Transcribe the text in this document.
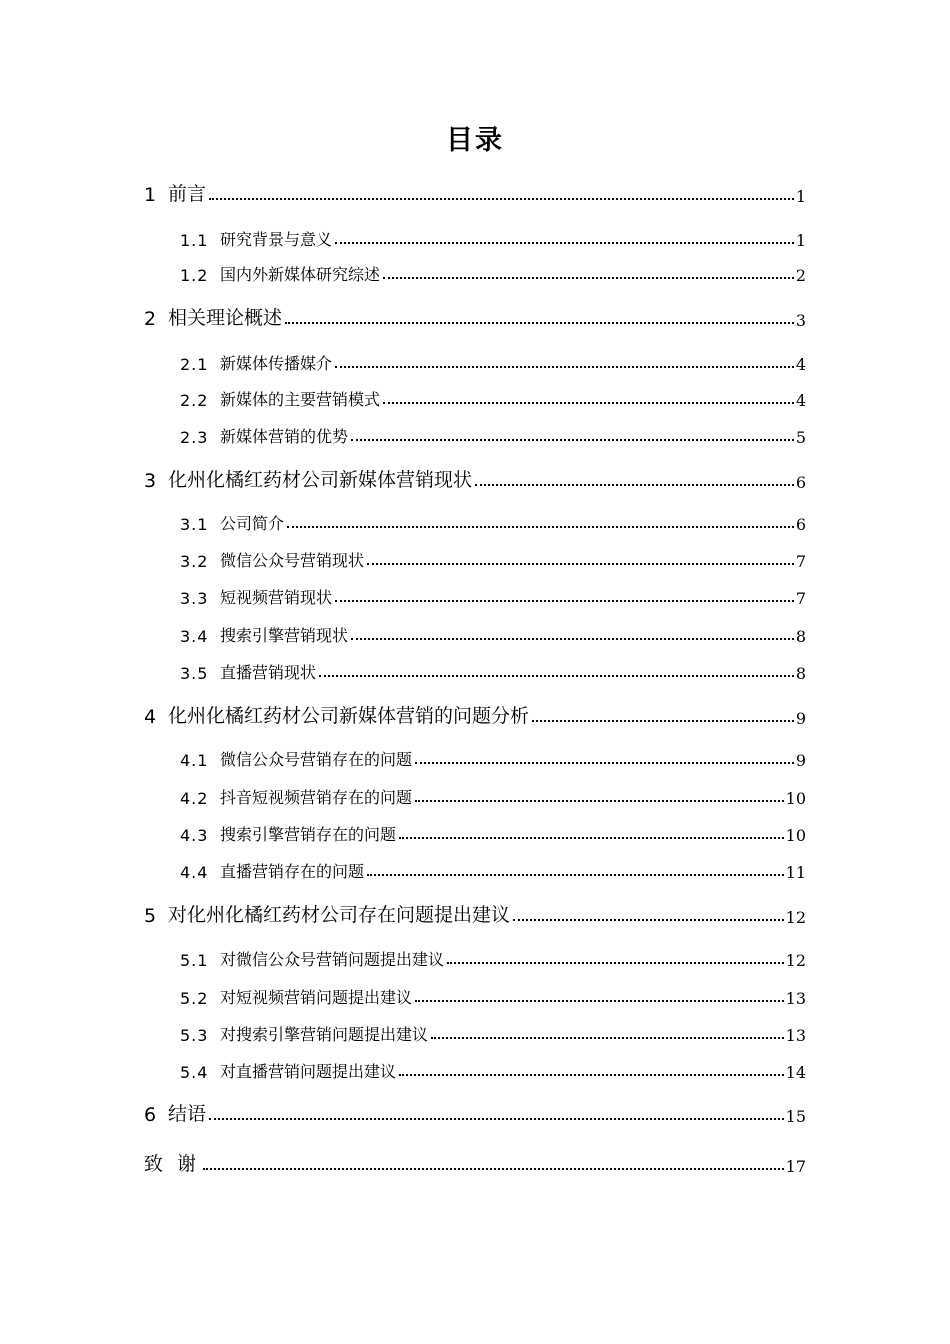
目录
1 前言	1
1.1 研究背景与意义	1
1.2 国内外新媒体研究综述	2
2 相关理论概述	3
2.1 新媒体传播媒介	4
2.2 新媒体的主要营销模式	4
2.3 新媒体营销的优势	5
3 化州化橘红药材公司新媒体营销现状	6
3.1 公司简介	6
3.2 微信公众号营销现状	7
3.3 短视频营销现状	7
3.4 搜索引擎营销现状	8
3.5 直播营销现状	8
4 化州化橘红药材公司新媒体营销的问题分析	9
4.1 微信公众号营销存在的问题	9
4.2 抖音短视频营销存在的问题	10
4.3 搜索引擎营销存在的问题	10
4.4 直播营销存在的问题	11
5 对化州化橘红药材公司存在问题提出建议	12
5.1 对微信公众号营销问题提出建议	12
5.2 对短视频营销问题提出建议	13
5.3 对搜索引擎营销问题提出建议	13
5.4 对直播营销问题提出建议	14
6 结语	15
致 谢	17
